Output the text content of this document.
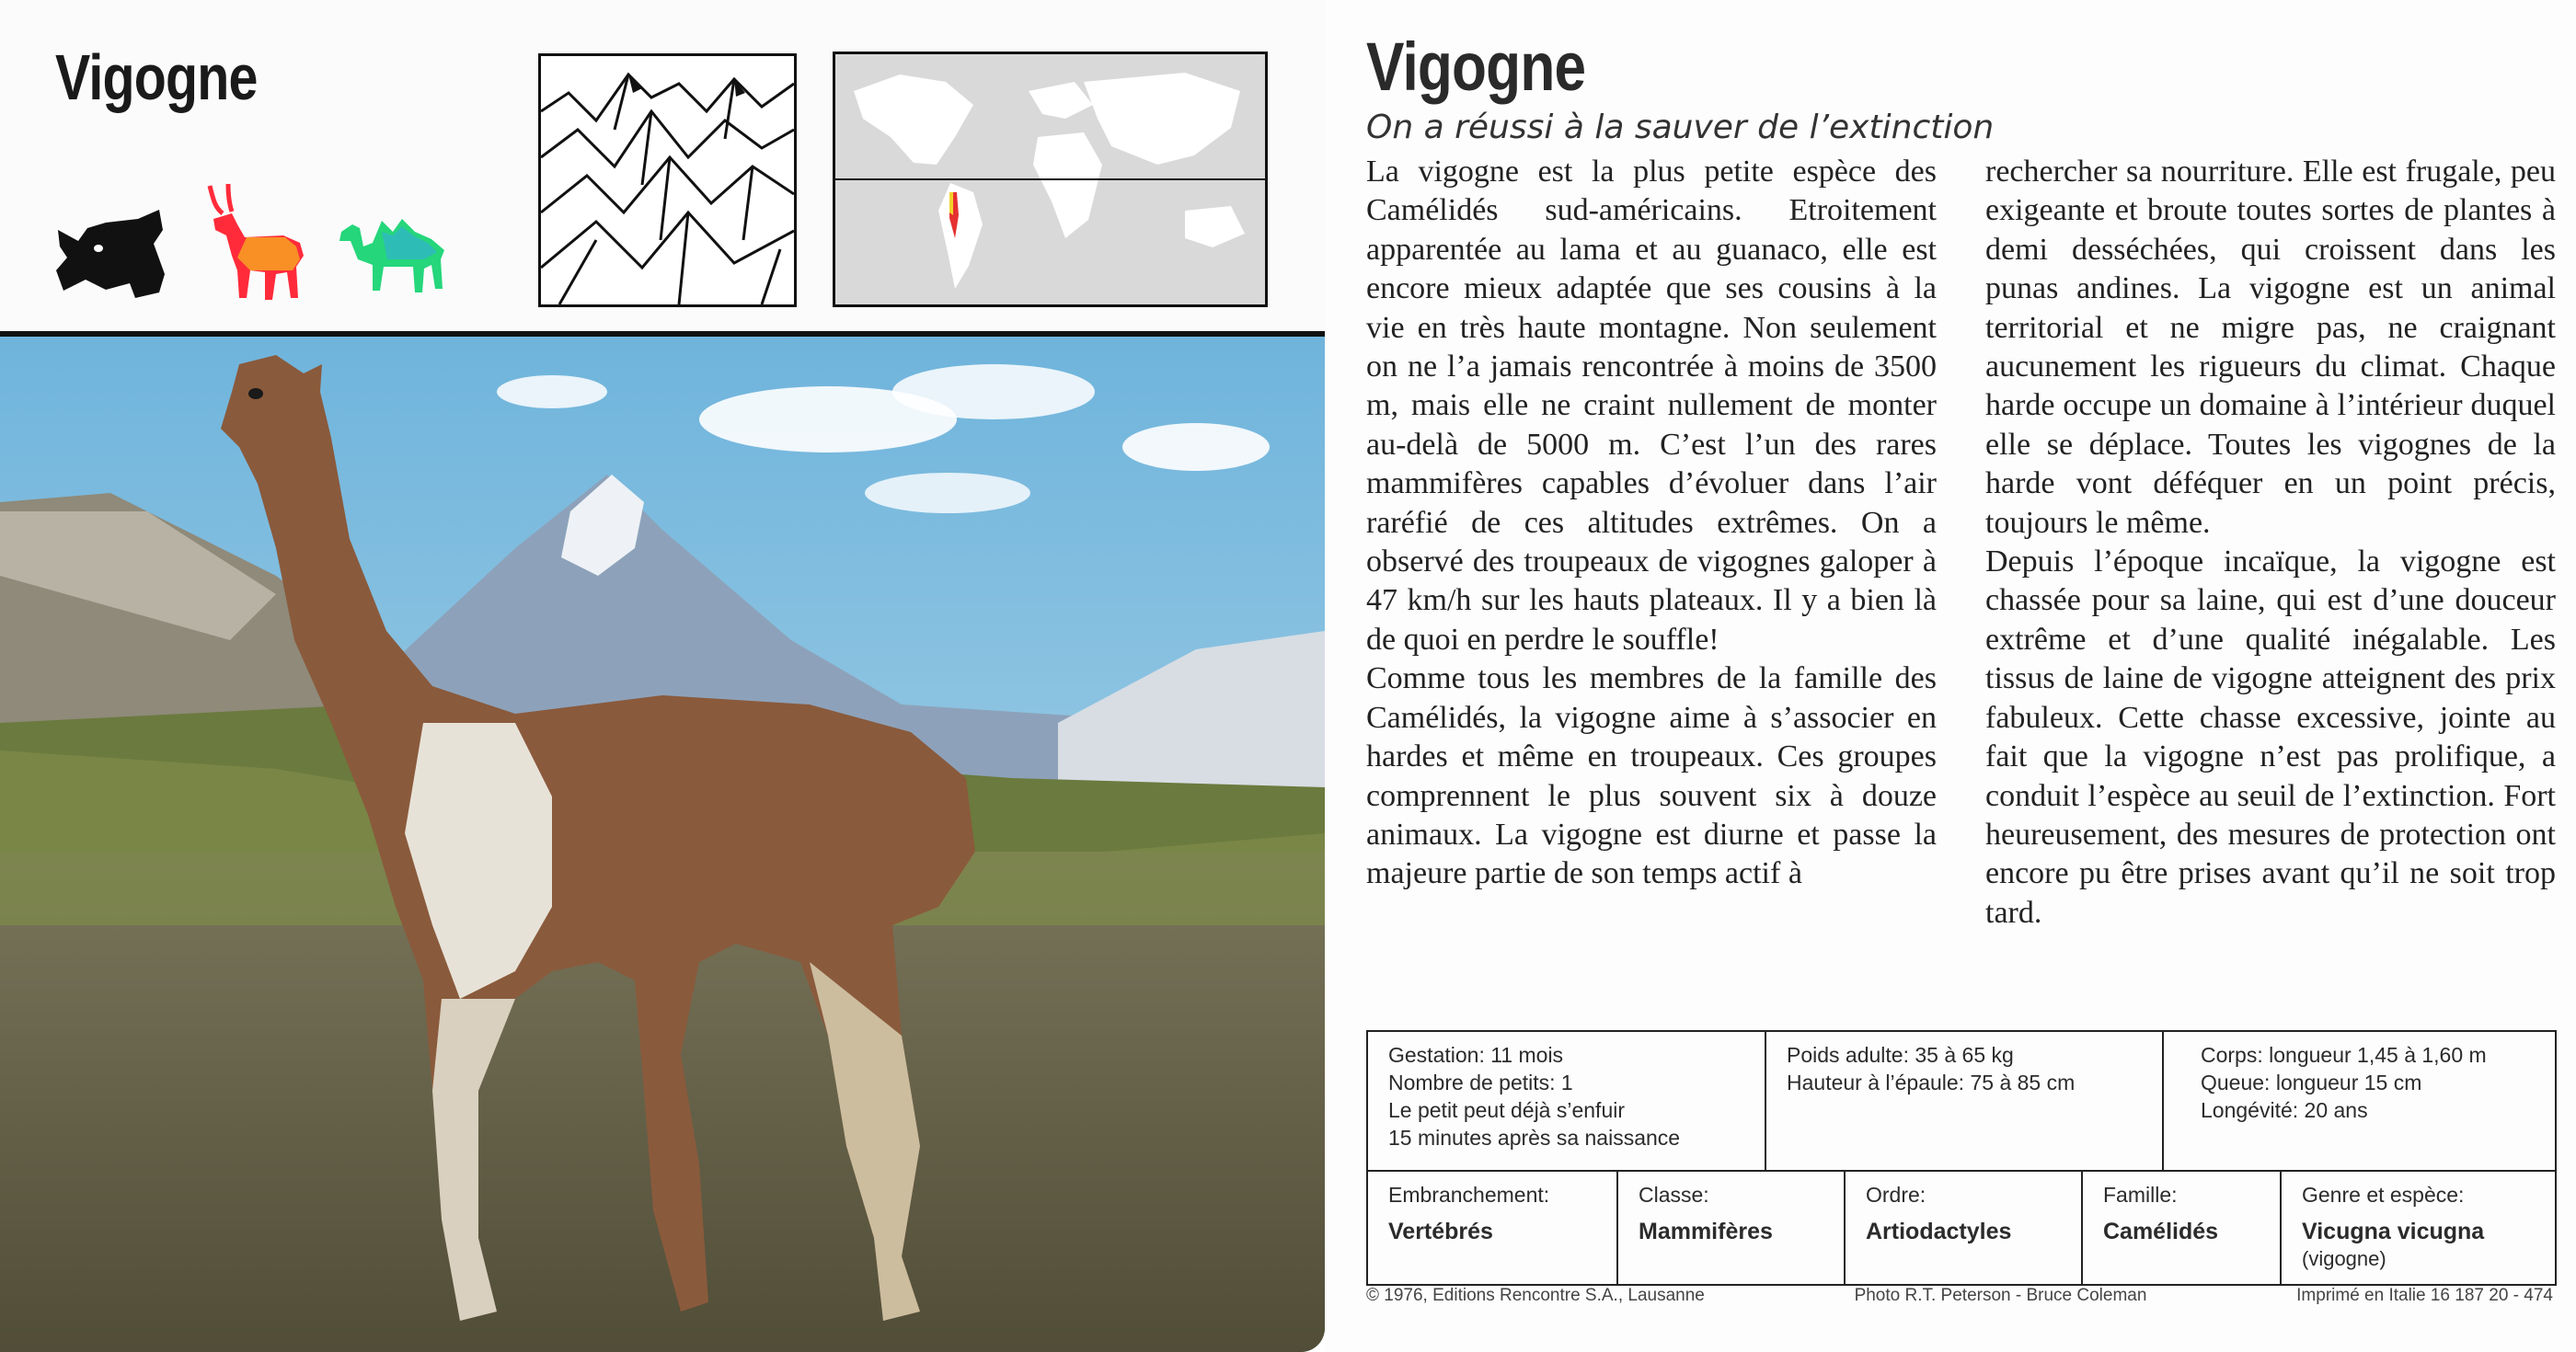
Vigogne	Vigogne
On a réussi à la sauver de l’extinction

La vigogne est la plus petite espèce des Camélidés sud-américains. Etroitement apparentée au lama et au guanaco, elle est encore mieux adaptée que ses cousins à la vie en très haute montagne. Non seulement on ne l’a jamais rencontrée à moins de 3500 m, mais elle ne craint nullement de monter au-delà de 5000 m. C’est l’un des rares mammifères capables d’évoluer dans l’air raréfié de ces altitudes extrêmes. On a observé des troupeaux de vigognes galoper à 47 km/h sur les hauts plateaux. Il y a bien là de quoi en perdre le souffle!

Comme tous les membres de la famille des Camélidés, la vigogne aime à s’associer en hardes et même en troupeaux. Ces groupes comprennent le plus souvent six à douze animaux. La vigogne est diurne et passe la majeure partie de son temps actif à

rechercher sa nourriture. Elle est frugale, peu exigeante et broute toutes sortes de plantes à demi desséchées, qui croissent dans les punas andines. La vigogne est un animal territorial et ne migre pas, ne craignant aucunement les rigueurs du climat. Chaque harde occupe un domaine à l’intérieur duquel elle se déplace. Toutes les vigognes de la harde vont déféquer en un point précis, toujours le même.

Depuis l’époque incaïque, la vigogne est chassée pour sa laine, qui est d’une douceur extrême et d’une qualité inégalable. Les tissus de laine de vigogne atteignent des prix fabuleux. Cette chasse excessive, jointe au fait que la vigogne n’est pas prolifique, a conduit l’espèce au seuil de l’extinction. Fort heureusement, des mesures de protection ont encore pu être prises avant qu’il ne soit trop tard.

Gestation: 11 mois
Nombre de petits: 1
Le petit peut déjà s’enfuir
15 minutes après sa naissance
Poids adulte: 35 à 65 kg
Hauteur à l’épaule: 75 à 85 cm
Corps: longueur 1,45 à 1,60 m
Queue: longueur 15 cm
Longévité: 20 ans
Embranchement:
Vertébrés
Classe:
Mammifères
Ordre:
Artiodactyles
Famille:
Camélidés
Genre et espèce:
Vicugna vicugna
(vigogne)
© 1976, Editions Rencontre S.A., Lausanne	Photo R.T. Peterson - Bruce Coleman	Imprimé en Italie 16 187 20 - 474
